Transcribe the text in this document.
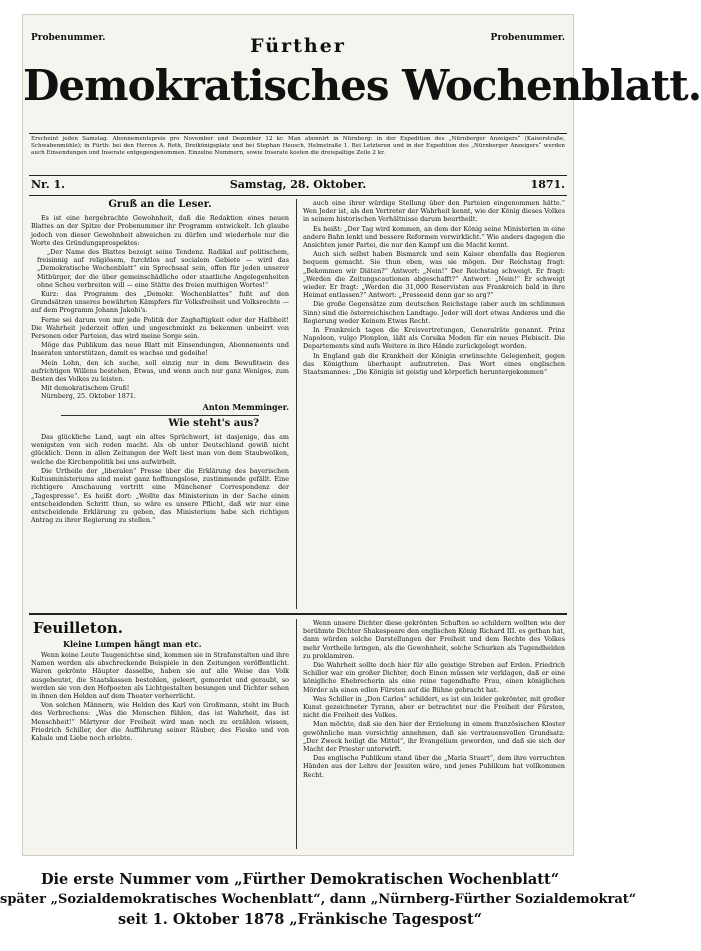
Probenummer.	Probenummer.
Fürther
Demokratisches Wochenblatt.
Erscheint jeden Samstag. Abonnementspreis pro November und Dezember 12 kr. Man abonnirt in Nürnberg: in der Expedition des „Nürnberger Anzeigers“ (Kaiserstraße, Schwabenmühle); in Fürth: bei den Herren A. Roth, Dreikönigsplatz und bei Stephan Heusch, Helmstraße 1. Bei Letzteren und in der Expedition des „Nürnberger Anzeigers“ werden auch Einsendungen und Inserate entgegengenommen. Einzelne Nummern, sowie Inserate kosten die dreispaltige Zeile 2 kr.
Nr. 1.	Samstag, 28. Oktober.	1871.
Gruß an die Leser.

Es ist eine hergebrachte Gewohnheit, daß die Redaktion eines neuen Blattes an der Spitze der Probenummer ihr Programm entwickelt. Ich glaube jedoch von dieser Gewohnheit abweichen zu dürfen und wiederhole nur die Worte des Gründungsprospektes:

„Der Name des Blattes bezeigt seine Tendenz. Radikal auf politischem, freisinnig auf religiösem, furchtlos auf socialem Gebiete — wird das „Demokratische Wochenblatt“ ein Sprechsaal sein, offen für jeden unserer Mitbürger, der die über gemeinschädliche oder staatliche Angelegenheiten ohne Scheu verbreiten will — eine Stätte des freien muthigen Wortes!“

Kurz: das Programm des „Demokr. Wochenblattes“ fußt auf den Grundsätzen unseres bewährten Kämpfers für Volksfreiheit und Volksrechte — auf dem Programm Johann Jakobi's.

Ferne sei darum von mir jede Politik der Zaghaftigkeit oder der Halbheit! Die Wahrheit jederzeit offen und ungeschminkt zu bekennen unbeirrt von Personen oder Parteien, das wird meine Sorge sein.

Möge das Publikum das neue Blatt mit Einsendungen, Abonnements und Inseraten unterstützen, damit es wachse und gedeihe!

Mein Lohn, den ich suche, soll einzig nur in dem Bewußtsein des aufrichtigen Willens bestehen, Etwas, und wenn auch nur ganz Weniges, zum Besten des Volkes zu leisten.

Mit demokratischem Gruß!
Nürnberg, 25. Oktober 1871.
Anton Memminger.
Wie steht's aus?

Das glückliche Land, sagt ein altes Sprüchwort, ist dasjenige, das am wenigsten von sich reden macht. Als ob unter Deutschland gewiß nicht glücklich. Denn in allen Zeitungen der Welt liest man von dem Staubwolken, welche die Kirchenpolitik bei uns aufwirbelt.

Die Urtheile der „liberalen“ Presse über die Erklärung des bayerischen Kultusministeriums sind meist ganz hoffnungslose, zustimmende gefällt. Eine richtigere Anschauung vertritt eine Münchener Correspondenz der „Tagespresse“. Es heißt dort: „Wollte das Ministerium in der Sache einen entscheidenden Schritt thun, so wäre es unsere Pflicht, daß wir nur eine entscheidende Erklärung zu geben, das Ministerium habe sich richtigen Antrag zu ihrer Regierung zu stellen.“

auch eine ihrer würdige Stellung über den Parteien eingenommen hätte.“ Wen Jeder ist, als den Vertreter der Wahrheit kennt, wie der König dieses Volkes in seinem historischen Verhältnisse darum beurtheilt.

Es heißt: „Der Tag wird kommen, an dem der König seine Ministerien in eine andere Bahn lenkt und bessere Reformen verwirklicht.“ Wie anders dagegen die Ansichten jener Partei, die nur den Kampf um die Macht kennt.

Auch sich selbst haben Bismarck und sein Kaiser ebenfalls das Regieren bequem gemacht. Sie thun eben, was sie mögen. Der Reichstag fragt: „Bekommen wir Diäten?“ Antwort: „Nein!“ Der Reichstag schweigt. Er fragt: „Werden die Zeitungscautionen abgeschafft?“ Antwort: „Nein!“ Er schweigt wieder. Er fragt: „Werden die 31,000 Reservisten aus Frankreich bald in ihre Heimat entlassen?“ Antwort: „Presseeid denn gar so arg?“

Die große Gegensätze zum deutschen Reichstage (aber auch im schlimmen Sinn) sind die österreichischen Landtage. Jeder will dort etwas Anderes und die Regierung weder Keinem Etwas Recht.

In Frankreich tagen die Kreisvertretungen, Generalräte genannt. Prinz Napoleon, vulgo Plonplon, läßt als Corsika Moden für ein neues Plebiscit. Die Departements sind aufs Weitere in ihre Hände zurückgelegt worden.

In England gab die Krankheit der Königin erwünschte Gelegenheit, gegen das Königthum überhaupt aufzutreten. Das Wort eines englischen Staatsmannes: „Die Königin ist geistig und körperlich heruntergekommen“

Feuilleton.
Kleine Lumpen hängt man etc.

Wenn keine Leute Taugenichtse sind, kommen sie in Strafanstalten und ihre Namen werden als abschreckende Beispiele in den Zeitungen veröffentlicht. Waren gekrönte Häupter dasselbe, haben sie auf alle Weise das Volk ausgebeutet, die Staatskassen bestohlen, geleert, gemordet und geraubt, so werden sie von den Hofpoeten als Lichtgestalten besungen und Dichter sehen in ihnen den Helden auf dem Theater verherrlicht.

Von solchen Männern, wie Helden des Karl von Großmann, steht im Buch des Verbrechens: „Was die Menschen fühlen, das ist Wahrheit, das ist Menschheit!“ Märtyrer der Freiheit wird man noch zu erzählen wissen, Friedrich Schiller, der die Aufführung seiner Räuber, des Fiesko und von Kabale und Liebe noch erlebte.

Wenn unsere Dichter diese gekrönten Schuften so schildern wollten wie der berühmte Dichter Shakespeare den englischen König Richard III. es gethan hat, dann würden solche Darstellungen der Freiheit und dem Rechte des Volkes mehr Vortheile bringen, als die Gewohnheit, solche Schurken als Tugendhelden zu proklamiren.

Die Wahrheit sollte doch hier für alle geistige Streben auf Erden. Friedrich Schiller war ein großer Dichter, doch Einen müssen wir verklagen, daß er eine königliche Ehebrecherin als eine reine tugendhafte Frau, einen königlichen Mörder als einen edlen Fürsten auf die Bühne gebracht hat.

Was Schiller in „Don Carlos“ schildert, es ist ein leider gekrönter, mit großer Kunst gezeichneter Tyrann, aber er betrachtet nur die Freiheit der Fürsten, nicht die Freiheit des Volkes.

Man möchte, daß sie den hier der Erziehung in einem französischen Kloster gewöhnliche man vorsichtig annehmen, daß sie vertrauensvollen Grundsatz: „Der Zweck heiligt die Mittel“, ihr Evangelium geworden, und daß sie sich der Macht der Priester unterwirft.

Das englische Publikum stand über die „Maria Stuart“, dem ihre verruchten Händen aus der Lehre der Jesuiten wäre, und jenes Publikum hat vollkommen Recht.

Die erste Nummer vom „Fürther Demokratischen Wochenblatt“
später „Sozialdemokratisches Wochenblatt“, dann „Nürnberg-Fürther Sozialdemokrat“
seit 1. Oktober 1878 „Fränkische Tagespost“
